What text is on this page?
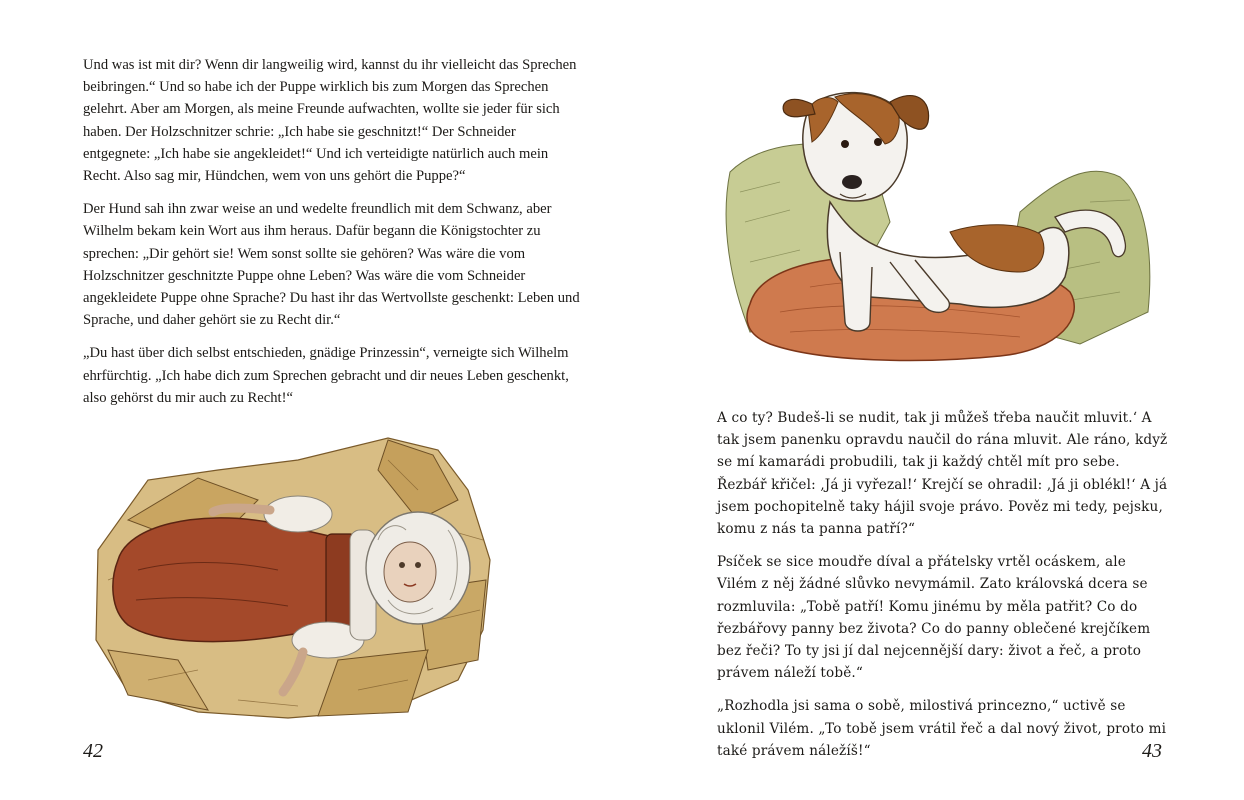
Und was ist mit dir? Wenn dir langweilig wird, kannst du ihr vielleicht das Sprechen beibringen.“ Und so habe ich der Puppe wirklich bis zum Morgen das Sprechen gelehrt. Aber am Morgen, als meine Freunde aufwachten, wollte sie jeder für sich haben. Der Holzschnitzer schrie: „Ich habe sie geschnitzt!“ Der Schneider entgegnete: „Ich habe sie angekleidet!“ Und ich verteidigte natürlich auch mein Recht. Also sag mir, Hündchen, wem von uns gehört die Puppe?“

Der Hund sah ihn zwar weise an und wedelte freundlich mit dem Schwanz, aber Wilhelm bekam kein Wort aus ihm heraus. Dafür begann die Königstochter zu sprechen: „Dir gehört sie! Wem sonst sollte sie gehören? Was wäre die vom Holzschnitzer geschnitzte Puppe ohne Leben? Was wäre die vom Schneider angekleidete Puppe ohne Sprache? Du hast ihr das Wertvollste geschenkt: Leben und Sprache, und daher gehört sie zu Recht dir.“

„Du hast über dich selbst entschieden, gnädige Prinzessin“, verneigte sich Wilhelm ehrfürchtig. „Ich habe dich zum Sprechen gebracht und dir neues Leben geschenkt, also gehörst du mir auch zu Recht!“

42

A co ty? Budeš-li se nudit, tak ji můžeš třeba naučit mluvit.‘ A tak jsem panenku opravdu naučil do rána mluvit. Ale ráno, když se mí kamarádi probudili, tak ji každý chtěl mít pro sebe. Řezbář křičel: ‚Já ji vyřezal!‘ Krejčí se ohradil: ‚Já ji oblékl!‘ A já jsem pochopitelně taky hájil svoje právo. Pověz mi tedy, pejsku, komu z nás ta panna patří?“

Psíček se sice moudře díval a přátelsky vrtěl ocáskem, ale Vilém z něj žádné slůvko nevymámil. Zato královská dcera se rozmluvila: „Tobě patří! Komu jinému by měla patřit? Co do řezbářovy panny bez života? Co do panny oblečené krejčíkem bez řeči? To ty jsi jí dal nejcennější dary: život a řeč, a proto právem náleží tobě.“

„Rozhodla jsi sama o sobě, milostivá princezno,“ uctivě se uklonil Vilém. „To tobě jsem vrátil řeč a dal nový život, proto mi také právem náležíš!“	43
